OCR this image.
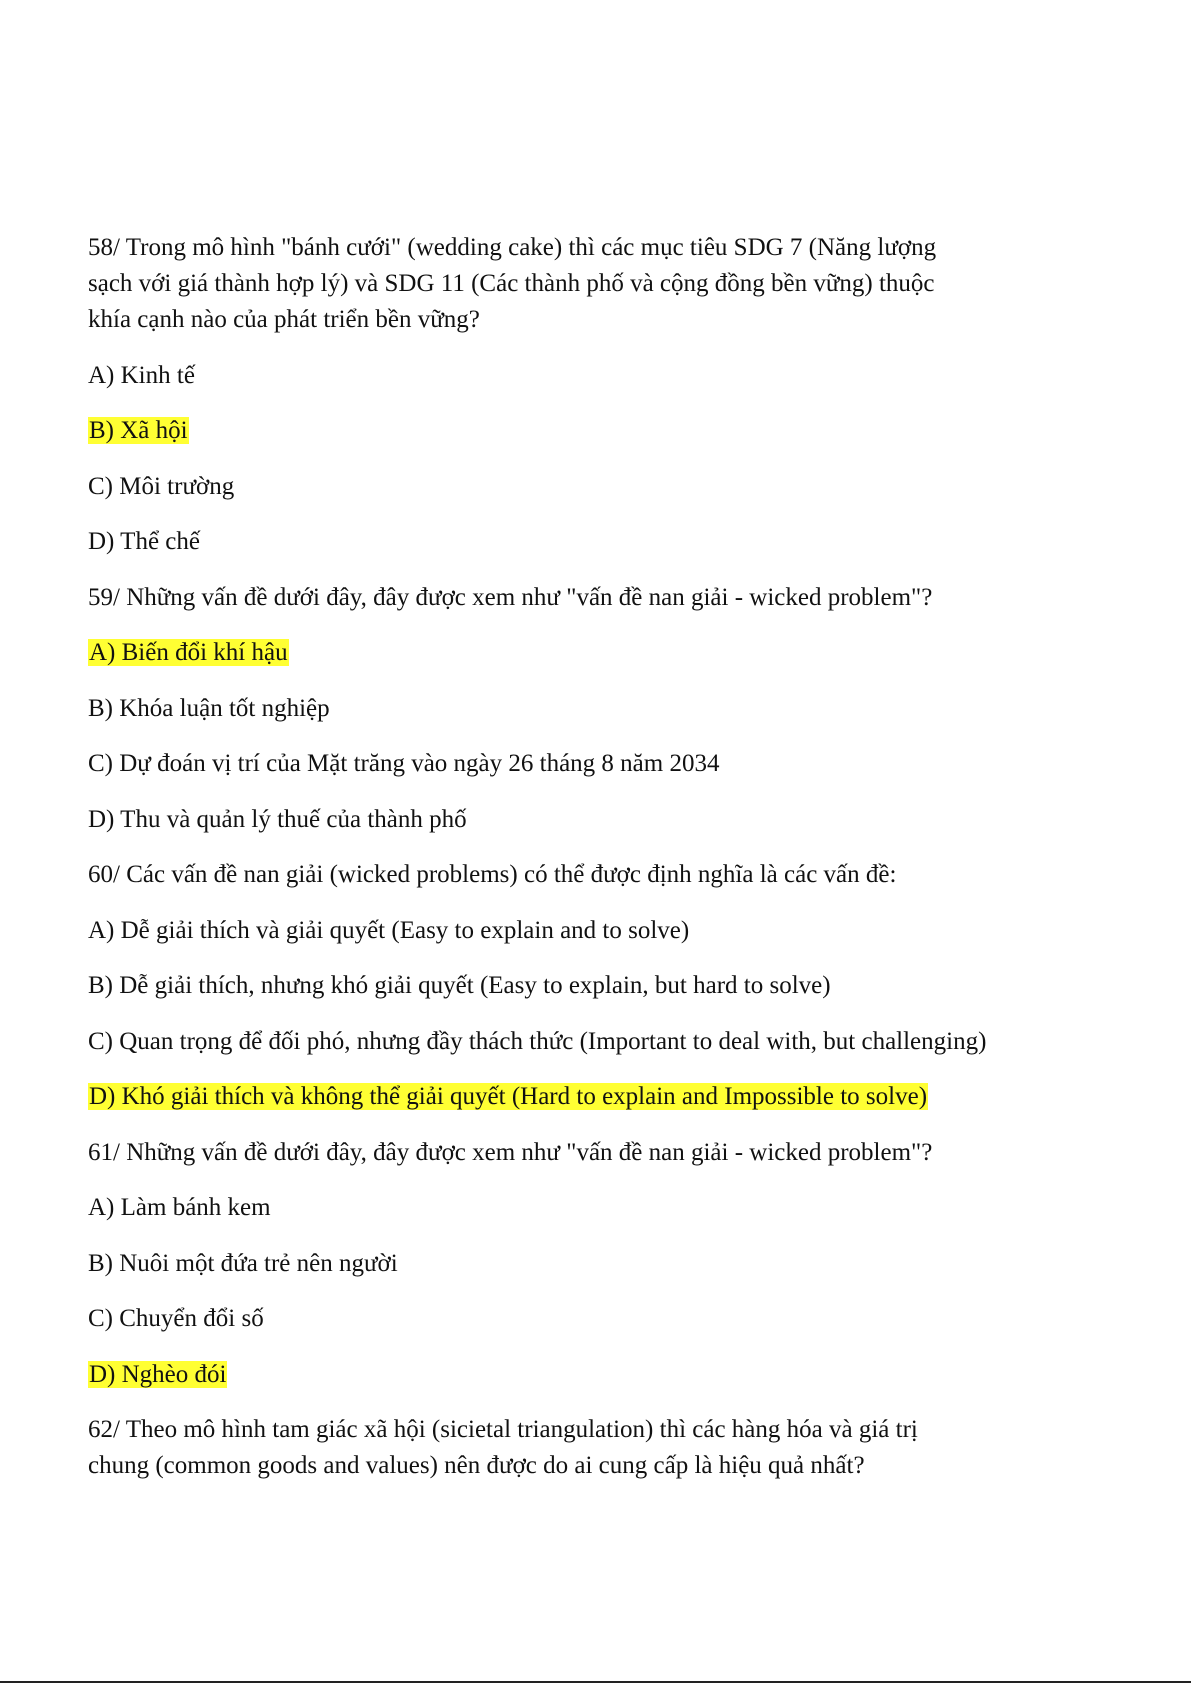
58/ Trong mô hình "bánh cưới" (wedding cake) thì các mục tiêu SDG 7 (Năng lượng
sạch với giá thành hợp lý) và SDG 11 (Các thành phố và cộng đồng bền vững) thuộc
khía cạnh nào của phát triển bền vững?
A) Kinh tế
B) Xã hội
C) Môi trường
D) Thể chế
59/ Những vấn đề dưới đây, đây được xem như "vấn đề nan giải - wicked problem"?
A) Biến đổi khí hậu
B) Khóa luận tốt nghiệp
C) Dự đoán vị trí của Mặt trăng vào ngày 26 tháng 8 năm 2034
D) Thu và quản lý thuế của thành phố
60/ Các vấn đề nan giải (wicked problems) có thể được định nghĩa là các vấn đề:
A) Dễ giải thích và giải quyết (Easy to explain and to solve)
B) Dễ giải thích, nhưng khó giải quyết (Easy to explain, but hard to solve)
C) Quan trọng để đối phó, nhưng đầy thách thức (Important to deal with, but challenging)
D) Khó giải thích và không thể giải quyết (Hard to explain and Impossible to solve)
61/ Những vấn đề dưới đây, đây được xem như "vấn đề nan giải - wicked problem"?
A) Làm bánh kem
B) Nuôi một đứa trẻ nên người
C) Chuyển đổi số
D) Nghèo đói
62/ Theo mô hình tam giác xã hội (sicietal triangulation) thì các hàng hóa và giá trị
chung (common goods and values) nên được do ai cung cấp là hiệu quả nhất?
